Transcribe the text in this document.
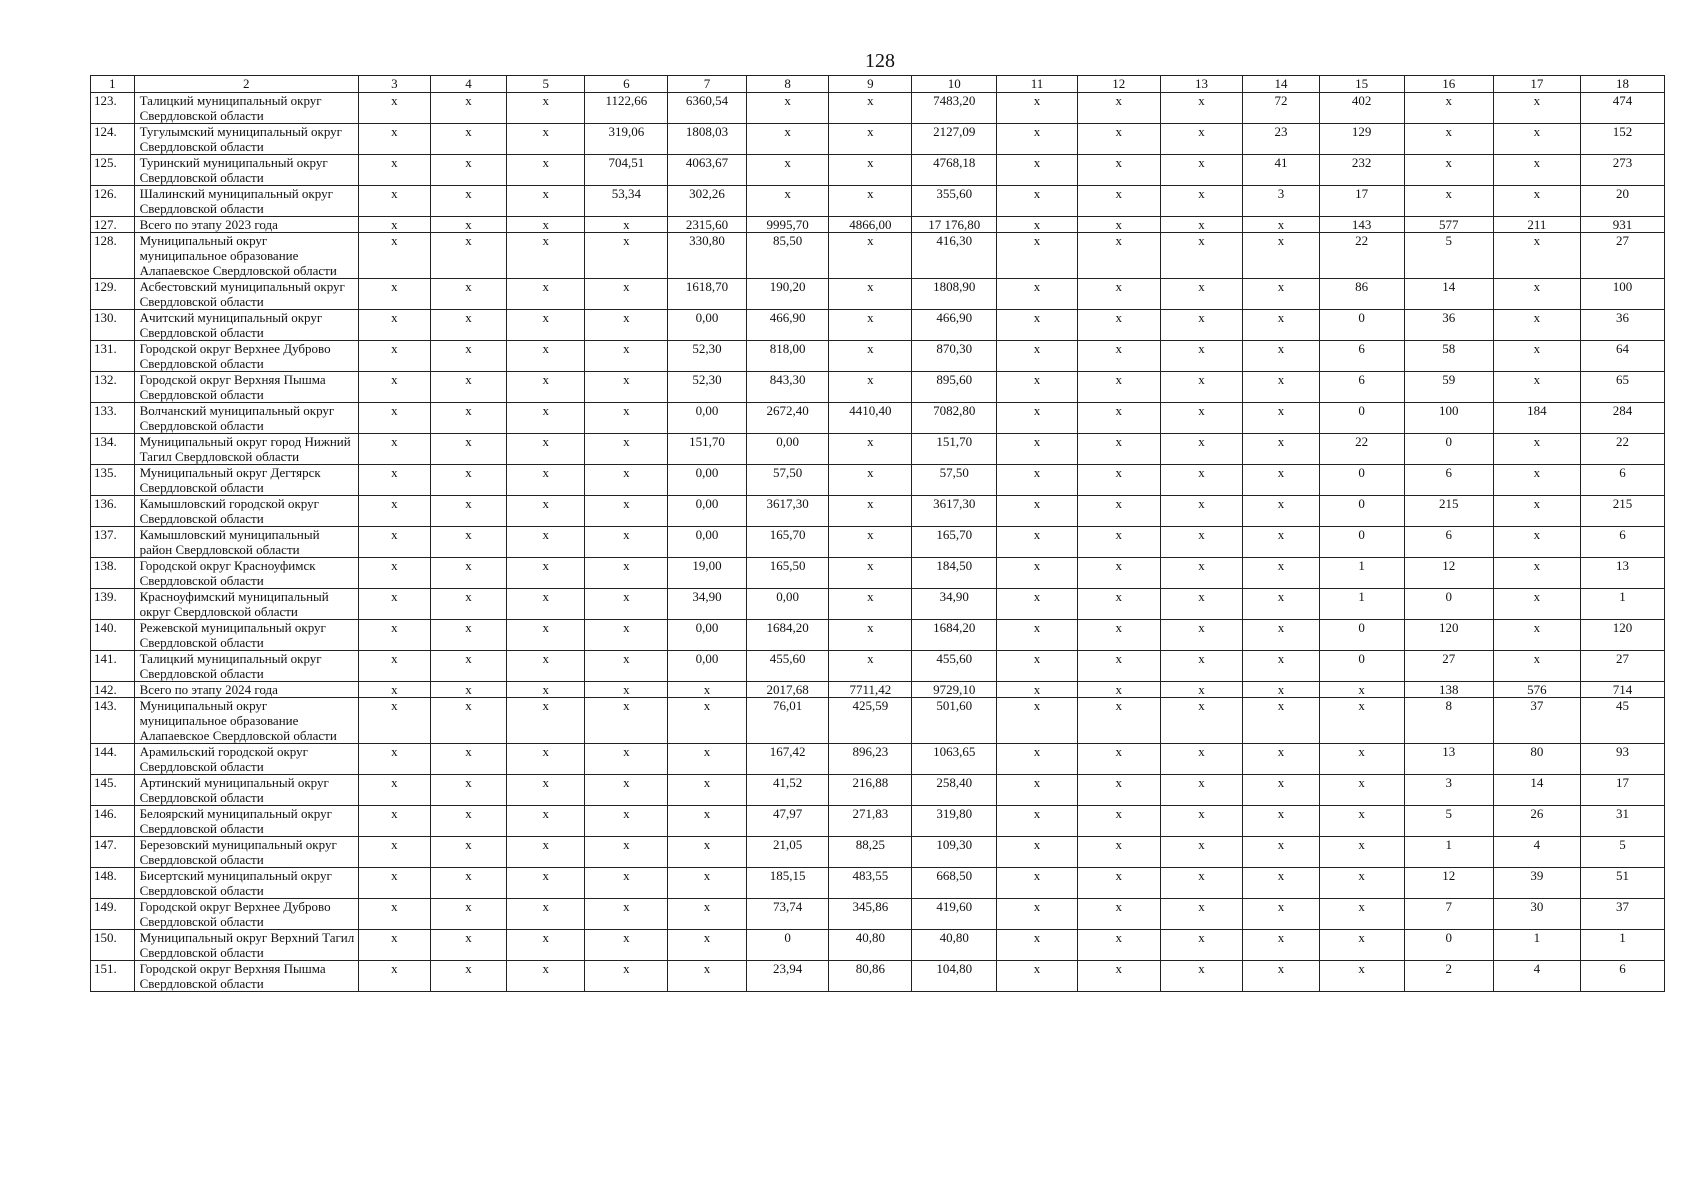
128
1	2	3	4	5	6	7	8	9	10	11	12	13	14	15	16	17	18
123.	Талицкий муниципальный округ Свердловской области	x	x	x	1122,66	6360,54	x	x	7483,20	x	x	x	72	402	x	x	474
124.	Тугулымский муниципальный округ Свердловской области	x	x	x	319,06	1808,03	x	x	2127,09	x	x	x	23	129	x	x	152
125.	Туринский муниципальный округ Свердловской области	x	x	x	704,51	4063,67	x	x	4768,18	x	x	x	41	232	x	x	273
126.	Шалинский муниципальный округ Свердловской области	x	x	x	53,34	302,26	x	x	355,60	x	x	x	3	17	x	x	20
127.	Всего по этапу 2023 года	x	x	x	x	2315,60	9995,70	4866,00	17 176,80	x	x	x	x	143	577	211	931
128.	Муниципальный округ муниципальное образование Алапаевское Свердловской области	x	x	x	x	330,80	85,50	x	416,30	x	x	x	x	22	5	x	27
129.	Асбестовский муниципальный округ Свердловской области	x	x	x	x	1618,70	190,20	x	1808,90	x	x	x	x	86	14	x	100
130.	Ачитский муниципальный округ Свердловской области	x	x	x	x	0,00	466,90	x	466,90	x	x	x	x	0	36	x	36
131.	Городской округ Верхнее Дуброво Свердловской области	x	x	x	x	52,30	818,00	x	870,30	x	x	x	x	6	58	x	64
132.	Городской округ Верхняя Пышма Свердловской области	x	x	x	x	52,30	843,30	x	895,60	x	x	x	x	6	59	x	65
133.	Волчанский муниципальный округ Свердловской области	x	x	x	x	0,00	2672,40	4410,40	7082,80	x	x	x	x	0	100	184	284
134.	Муниципальный округ город Нижний Тагил Свердловской области	x	x	x	x	151,70	0,00	x	151,70	x	x	x	x	22	0	x	22
135.	Муниципальный округ Дегтярск Свердловской области	x	x	x	x	0,00	57,50	x	57,50	x	x	x	x	0	6	x	6
136.	Камышловский городской округ Свердловской области	x	x	x	x	0,00	3617,30	x	3617,30	x	x	x	x	0	215	x	215
137.	Камышловский муниципальный район Свердловской области	x	x	x	x	0,00	165,70	x	165,70	x	x	x	x	0	6	x	6
138.	Городской округ Красноуфимск Свердловской области	x	x	x	x	19,00	165,50	x	184,50	x	x	x	x	1	12	x	13
139.	Красноуфимский муниципальный округ Свердловской области	x	x	x	x	34,90	0,00	x	34,90	x	x	x	x	1	0	x	1
140.	Режевской муниципальный округ Свердловской области	x	x	x	x	0,00	1684,20	x	1684,20	x	x	x	x	0	120	x	120
141.	Талицкий муниципальный округ Свердловской области	x	x	x	x	0,00	455,60	x	455,60	x	x	x	x	0	27	x	27
142.	Всего по этапу 2024 года	x	x	x	x	x	2017,68	7711,42	9729,10	x	x	x	x	x	138	576	714
143.	Муниципальный округ муниципальное образование Алапаевское Свердловской области	x	x	x	x	x	76,01	425,59	501,60	x	x	x	x	x	8	37	45
144.	Арамильский городской округ Свердловской области	x	x	x	x	x	167,42	896,23	1063,65	x	x	x	x	x	13	80	93
145.	Артинский муниципальный округ Свердловской области	x	x	x	x	x	41,52	216,88	258,40	x	x	x	x	x	3	14	17
146.	Белоярский муниципальный округ Свердловской области	x	x	x	x	x	47,97	271,83	319,80	x	x	x	x	x	5	26	31
147.	Березовский муниципальный округ Свердловской области	x	x	x	x	x	21,05	88,25	109,30	x	x	x	x	x	1	4	5
148.	Бисертский муниципальный округ Свердловской области	x	x	x	x	x	185,15	483,55	668,50	x	x	x	x	x	12	39	51
149.	Городской округ Верхнее Дуброво Свердловской области	x	x	x	x	x	73,74	345,86	419,60	x	x	x	x	x	7	30	37
150.	Муниципальный округ Верхний Тагил Свердловской области	x	x	x	x	x	0	40,80	40,80	x	x	x	x	x	0	1	1
151.	Городской округ Верхняя Пышма Свердловской области	x	x	x	x	x	23,94	80,86	104,80	x	x	x	x	x	2	4	6
